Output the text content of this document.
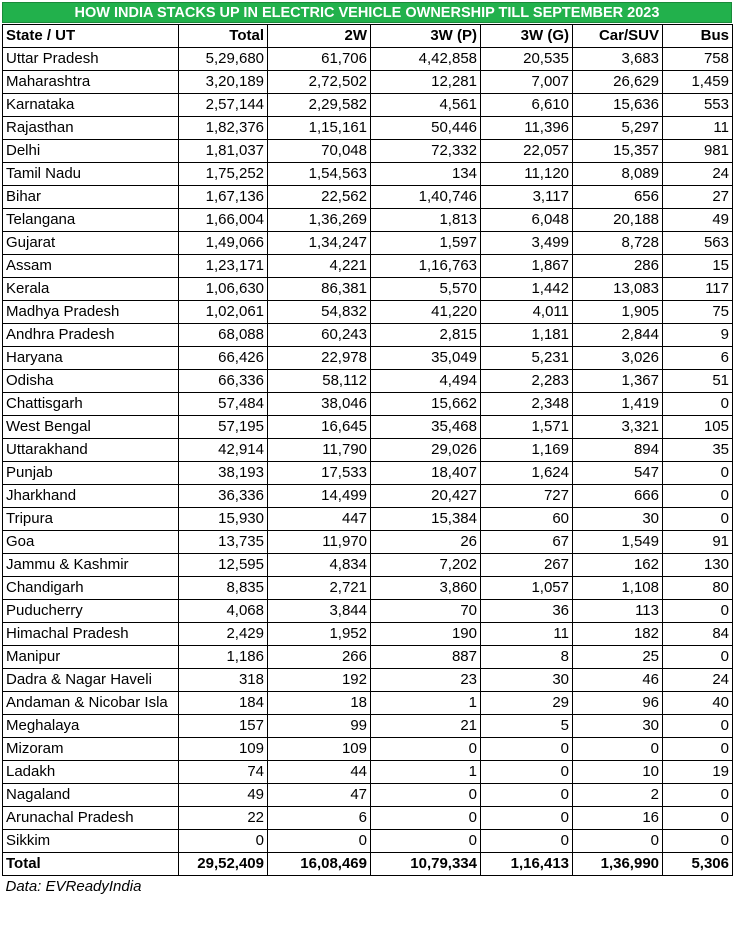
HOW INDIA STACKS UP IN ELECTRIC VEHICLE OWNERSHIP TILL SEPTEMBER 2023
State / UT	Total	2W	3W (P)	3W (G)	Car/SUV	Bus
Uttar Pradesh	5,29,680	61,706	4,42,858	20,535	3,683	758
Maharashtra	3,20,189	2,72,502	12,281	7,007	26,629	1,459
Karnataka	2,57,144	2,29,582	4,561	6,610	15,636	553
Rajasthan	1,82,376	1,15,161	50,446	11,396	5,297	11
Delhi	1,81,037	70,048	72,332	22,057	15,357	981
Tamil Nadu	1,75,252	1,54,563	134	11,120	8,089	24
Bihar	1,67,136	22,562	1,40,746	3,117	656	27
Telangana	1,66,004	1,36,269	1,813	6,048	20,188	49
Gujarat	1,49,066	1,34,247	1,597	3,499	8,728	563
Assam	1,23,171	4,221	1,16,763	1,867	286	15
Kerala	1,06,630	86,381	5,570	1,442	13,083	117
Madhya Pradesh	1,02,061	54,832	41,220	4,011	1,905	75
Andhra Pradesh	68,088	60,243	2,815	1,181	2,844	9
Haryana	66,426	22,978	35,049	5,231	3,026	6
Odisha	66,336	58,112	4,494	2,283	1,367	51
Chattisgarh	57,484	38,046	15,662	2,348	1,419	0
West Bengal	57,195	16,645	35,468	1,571	3,321	105
Uttarakhand	42,914	11,790	29,026	1,169	894	35
Punjab	38,193	17,533	18,407	1,624	547	0
Jharkhand	36,336	14,499	20,427	727	666	0
Tripura	15,930	447	15,384	60	30	0
Goa	13,735	11,970	26	67	1,549	91
Jammu & Kashmir	12,595	4,834	7,202	267	162	130
Chandigarh	8,835	2,721	3,860	1,057	1,108	80
Puducherry	4,068	3,844	70	36	113	0
Himachal Pradesh	2,429	1,952	190	11	182	84
Manipur	1,186	266	887	8	25	0
Dadra & Nagar Haveli	318	192	23	30	46	24
Andaman & Nicobar Isla	184	18	1	29	96	40
Meghalaya	157	99	21	5	30	0
Mizoram	109	109	0	0	0	0
Ladakh	74	44	1	0	10	19
Nagaland	49	47	0	0	2	0
Arunachal Pradesh	22	6	0	0	16	0
Sikkim	0	0	0	0	0	0
Total	29,52,409	16,08,469	10,79,334	1,16,413	1,36,990	5,306
Data: EVReadyIndia						
